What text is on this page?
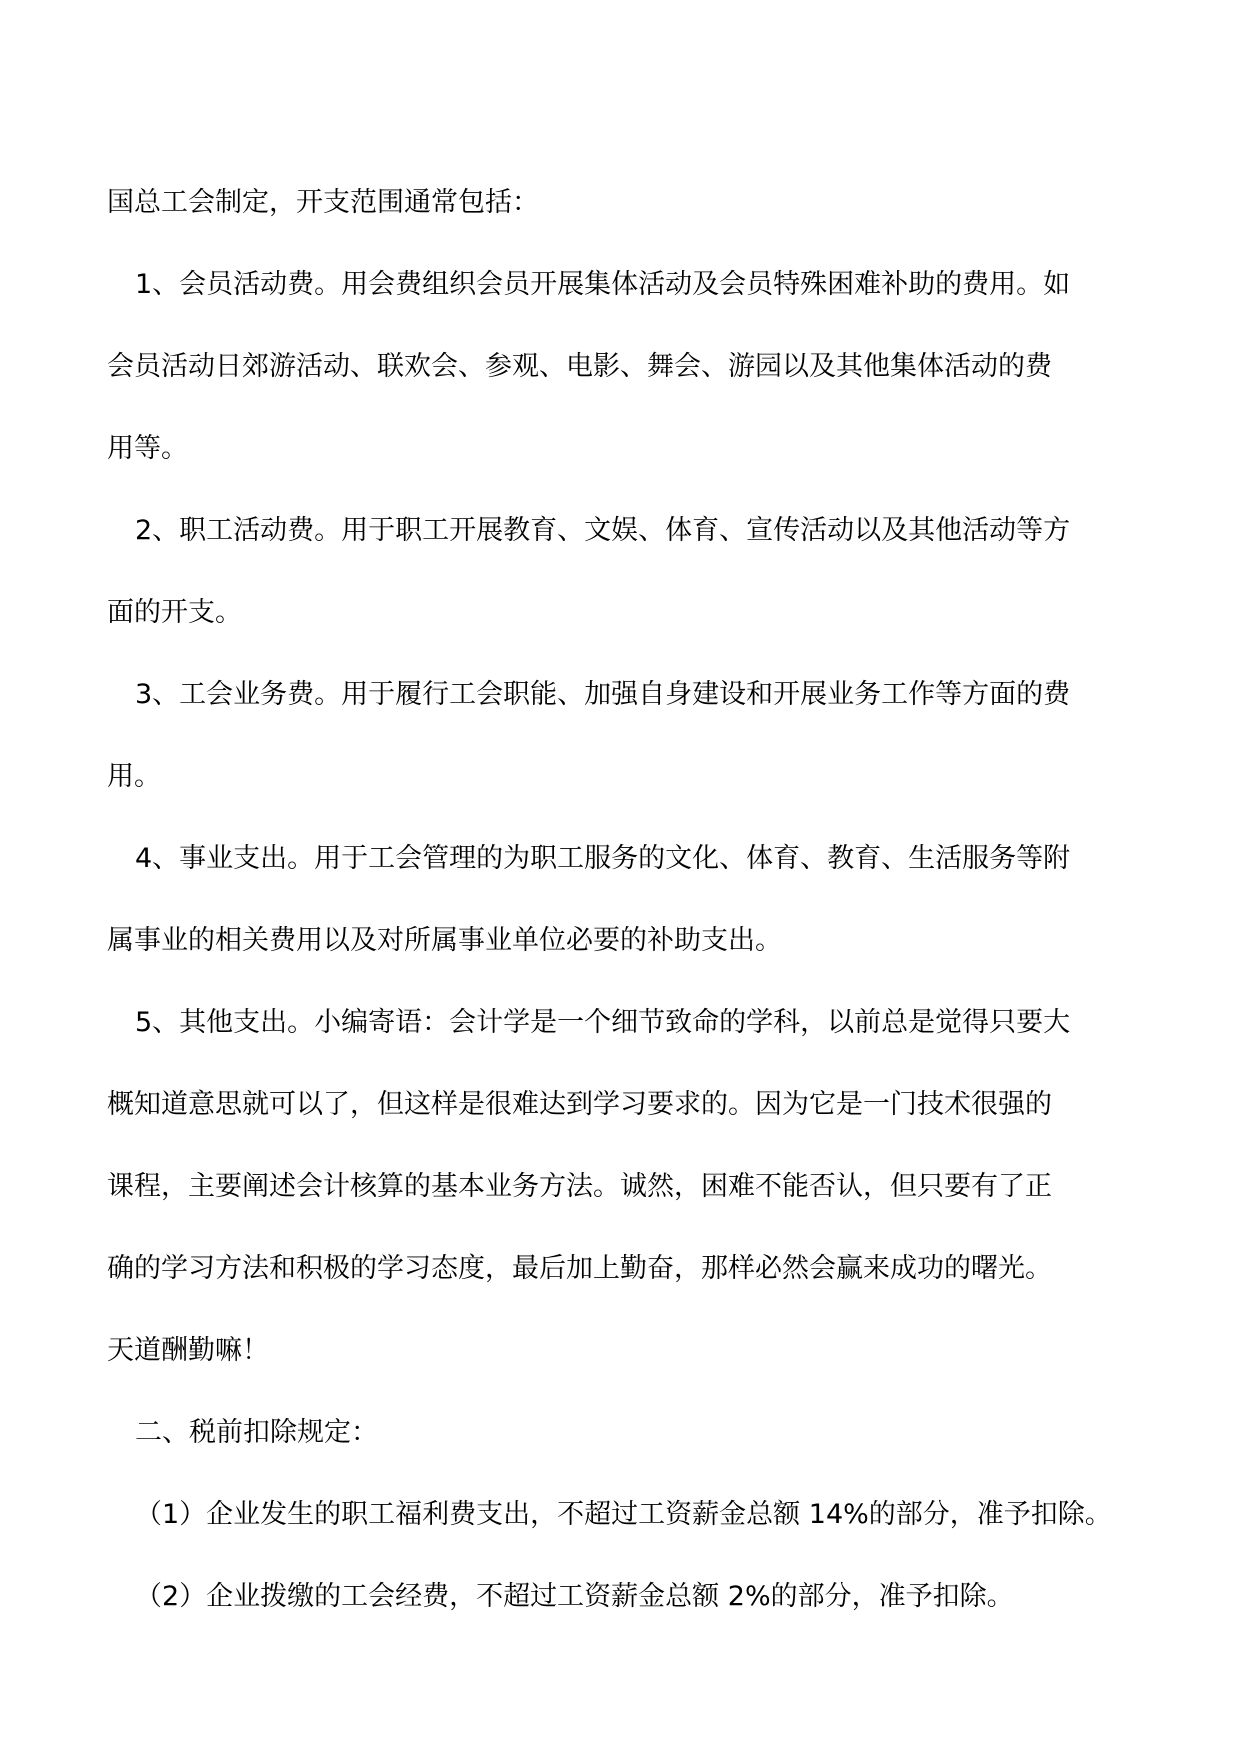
国总工会制定，开支范围通常包括：

1、会员活动费。用会费组织会员开展集体活动及会员特殊困难补助的费用。如

会员活动日郊游活动、联欢会、参观、电影、舞会、游园以及其他集体活动的费

用等。

2、职工活动费。用于职工开展教育、文娱、体育、宣传活动以及其他活动等方

面的开支。

3、工会业务费。用于履行工会职能、加强自身建设和开展业务工作等方面的费

用。

4、事业支出。用于工会管理的为职工服务的文化、体育、教育、生活服务等附

属事业的相关费用以及对所属事业单位必要的补助支出。

5、其他支出。小编寄语：会计学是一个细节致命的学科，以前总是觉得只要大

概知道意思就可以了，但这样是很难达到学习要求的。因为它是一门技术很强的

课程，主要阐述会计核算的基本业务方法。诚然，困难不能否认，但只要有了正

确的学习方法和积极的学习态度，最后加上勤奋，那样必然会赢来成功的曙光。

天道酬勤嘛！

二、税前扣除规定：

（1）企业发生的职工福利费支出，不超过工资薪金总额 14%的部分，准予扣除。

（2）企业拨缴的工会经费，不超过工资薪金总额 2%的部分，准予扣除。
